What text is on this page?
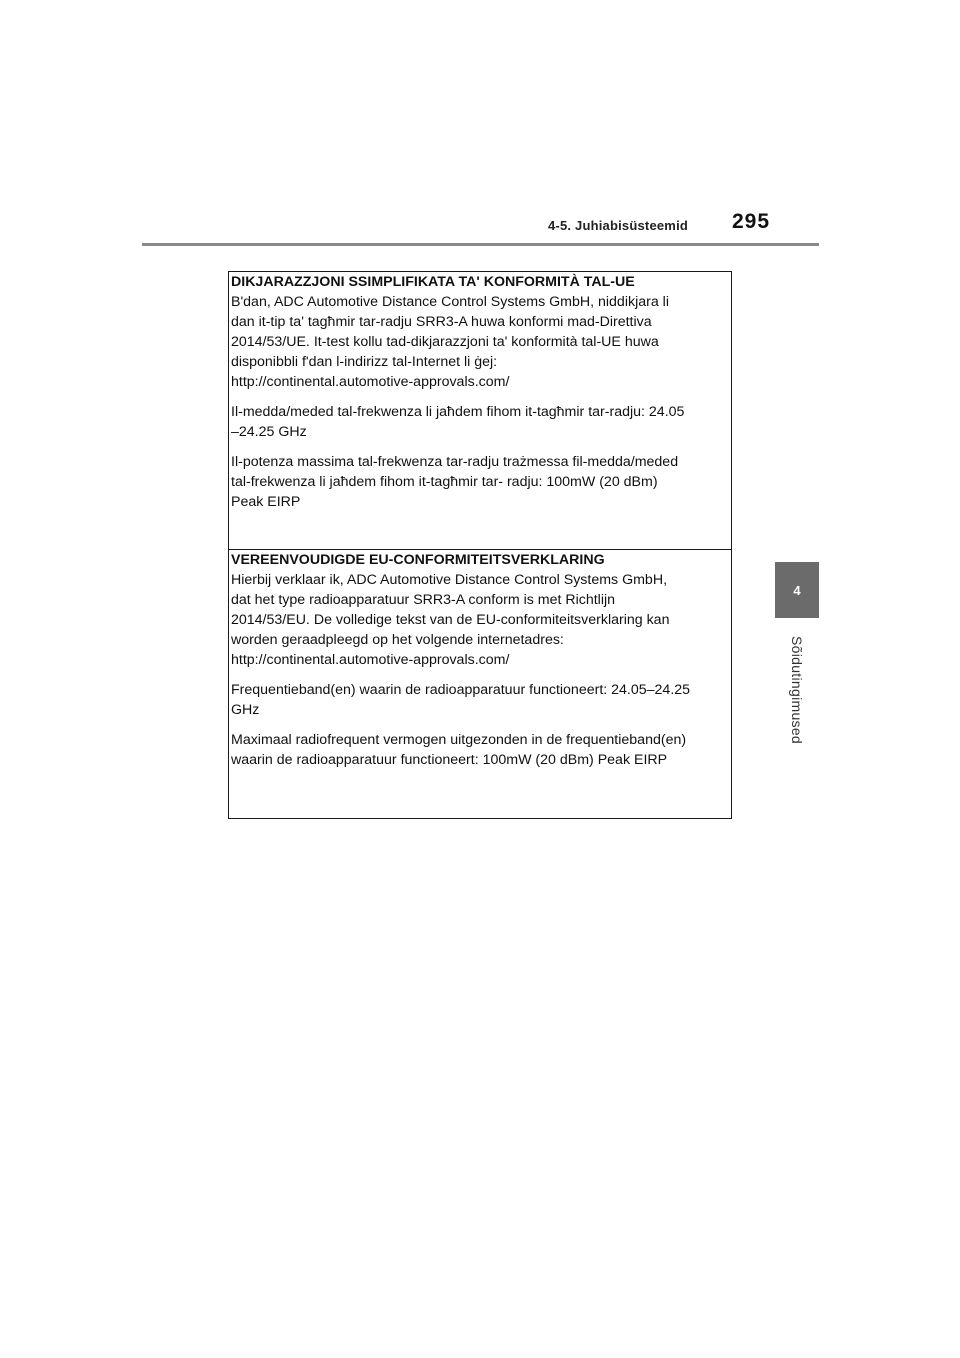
4-5. Juhiabisüsteemid 295
4
Sõidutingimused

DIKJARAZZJONI SSIMPLIFIKATA TA' KONFORMITÀ TAL-UE

B'dan, ADC Automotive Distance Control Systems GmbH, niddikjara li
dan it-tip ta' tagħmir tar-radju SRR3-A huwa konformi mad-Direttiva
2014/53/UE. It-test kollu tad-dikjarazzjoni ta' konformità tal-UE huwa
disponibbli f'dan l-indirizz tal-Internet li ġej:
http://continental.automotive-approvals.com/

Il-medda/meded tal-frekwenza li jaħdem fihom it-tagħmir tar-radju: 24.05
–24.25 GHz

Il-potenza massima tal-frekwenza tar-radju trażmessa fil-medda/meded
tal-frekwenza li jaħdem fihom it-tagħmir tar- radju: 100mW (20 dBm)
Peak EIRP

VEREENVOUDIGDE EU-CONFORMITEITSVERKLARING

Hierbij verklaar ik, ADC Automotive Distance Control Systems GmbH,
dat het type radioapparatuur SRR3-A conform is met Richtlijn
2014/53/EU. De volledige tekst van de EU-conformiteitsverklaring kan
worden geraadpleegd op het volgende internetadres:
http://continental.automotive-approvals.com/

Frequentieband(en) waarin de radioapparatuur functioneert: 24.05–24.25
GHz

Maximaal radiofrequent vermogen uitgezonden in de frequentieband(en)
waarin de radioapparatuur functioneert: 100mW (20 dBm) Peak EIRP
